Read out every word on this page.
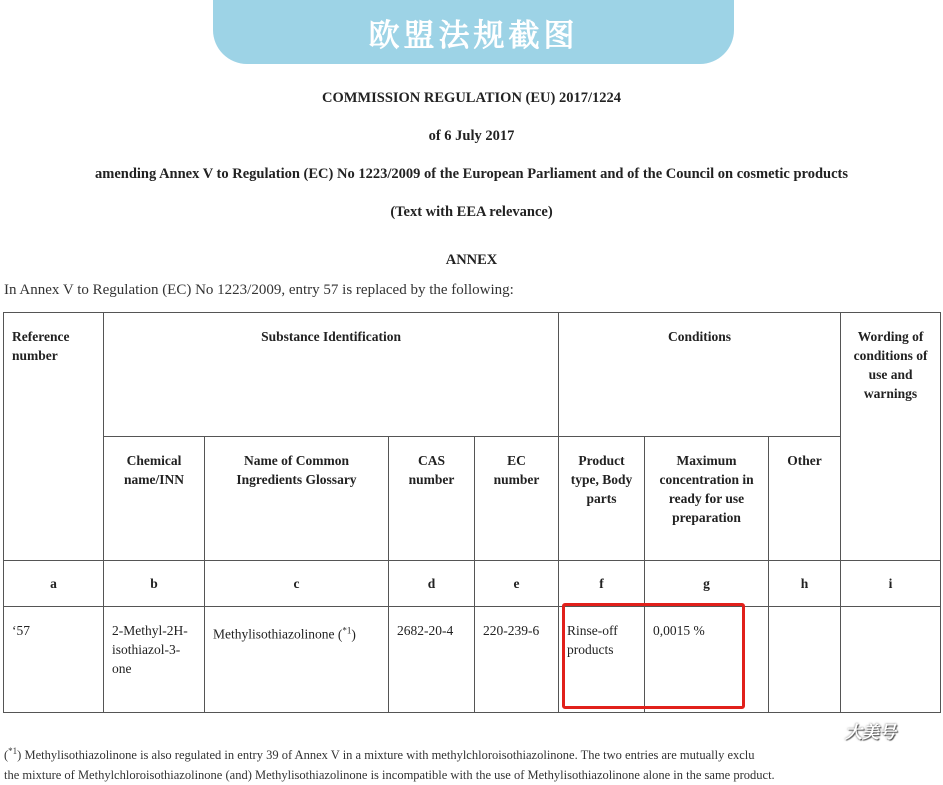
欧盟法规截图
COMMISSION REGULATION (EU) 2017/1224
of 6 July 2017
amending Annex V to Regulation (EC) No 1223/2009 of the European Parliament and of the Council on cosmetic products
(Text with EEA relevance)
ANNEX
In Annex V to Regulation (EC) No 1223/2009, entry 57 is replaced by the following:
Reference number	Substance Identification				Conditions			Wording of conditions of use and warnings
	Chemical name/INN	Name of Common Ingredients Glossary	CAS number	EC number	Product type, Body parts	Maximum concentration in ready for use preparation	Other	
a	b	c	d	e	f	g	h	i
‘57	2-Methyl-2H-isothiazol-3-one	Methylisothiazolinone ($^{*1}$)	2682-20-4	220-239-6	Rinse-off products	0,0015 %		
($^{*1}$) Methylisothiazolinone is also regulated in entry 39 of Annex V in a mixture with methylchloroisothiazolinone. The two entries are mutually exclu
the mixture of Methylchloroisothiazolinone (and) Methylisothiazolinone is incompatible with the use of Methylisothiazolinone alone in the same product.
大美号
